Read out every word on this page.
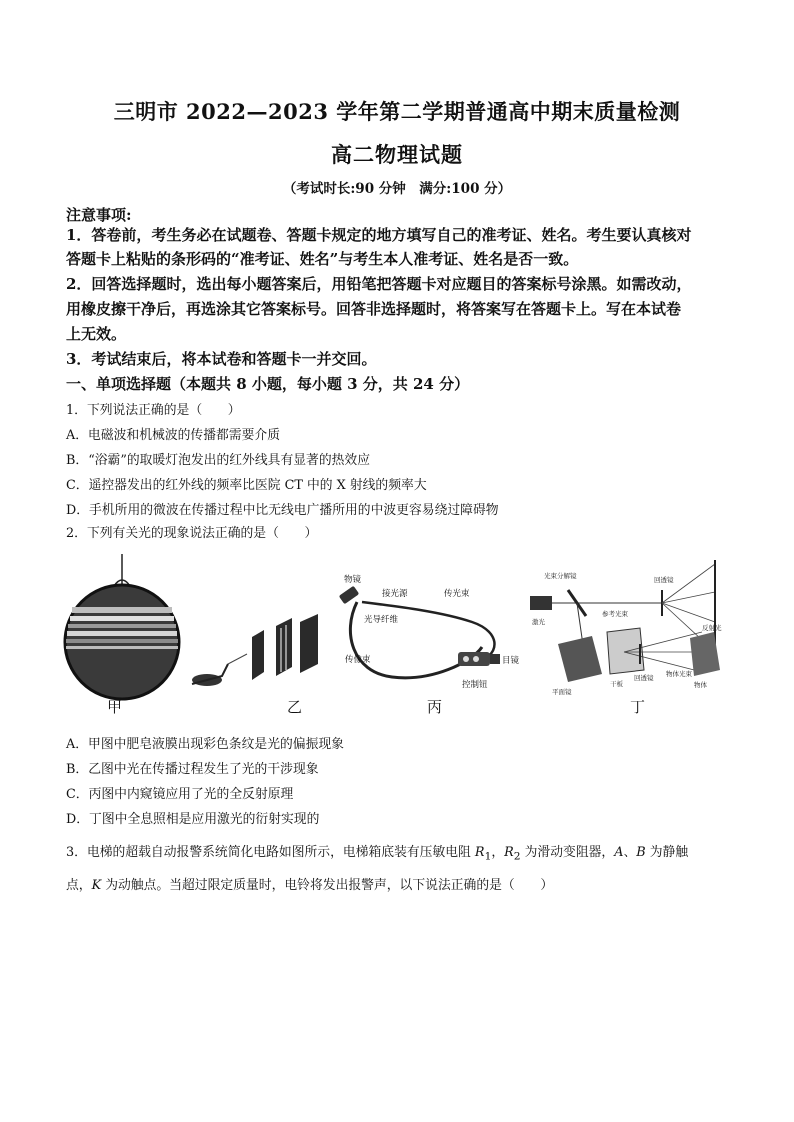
三明市 2022—2023 学年第二学期普通高中期末质量检测
高二物理试题
（考试时长:90 分钟　满分:100 分）
注意事项:
1．答卷前，考生务必在试题卷、答题卡规定的地方填写自己的准考证、姓名。考生要认真核对
答题卡上粘贴的条形码的“准考证、姓名”与考生本人准考证、姓名是否一致。
2．回答选择题时，选出每小题答案后，用铅笔把答题卡对应题目的答案标号涂黑。如需改动，
用橡皮擦干净后，再选涂其它答案标号。回答非选择题时，将答案写在答题卡上。写在本试卷
上无效。
3．考试结束后，将本试卷和答题卡一并交回。
一、单项选择题（本题共 8 小题，每小题 3 分，共 24 分）
1．下列说法正确的是（　　）
A．电磁波和机械波的传播都需要介质
B．“浴霸”的取暖灯泡发出的红外线具有显著的热效应
C．遥控器发出的红外线的频率比医院 CT 中的 X 射线的频率大
D．手机所用的微波在传播过程中比无线电广播所用的中波更容易绕过障碍物
2．下列有关光的现象说法正确的是（　　）
物镜
接光源	传光束
光导纤维
传像束	目镜
控制钮
光束分解镜	回透镜
激光
参考光束
干板
平面镜
回透镜
物体
反射光
物体光束
甲	乙	丙	丁
A．甲图中肥皂液膜出现彩色条纹是光的偏振现象
B．乙图中光在传播过程发生了光的干涉现象
C．丙图中内窥镜应用了光的全反射原理
D．丁图中全息照相是应用激光的衍射实现的
3．电梯的超载自动报警系统简化电路如图所示，电梯箱底装有压敏电阻 $R_1$，$R_2$ 为滑动变阻器，A、B 为静触
点，K 为动触点。当超过限定质量时，电铃将发出报警声，以下说法正确的是（　　）
